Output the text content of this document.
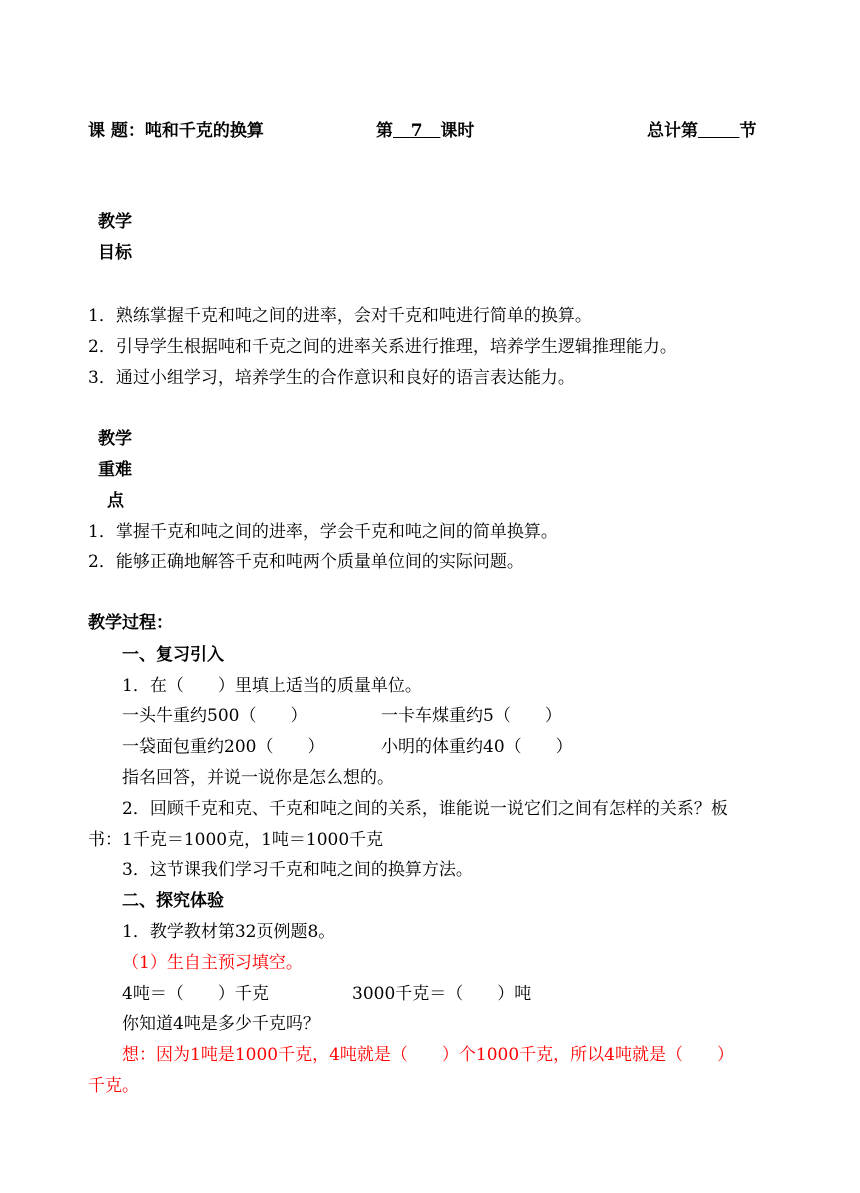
课 题：吨和千克的换算	第 7 课时	总计第 节
教学
目标
1．熟练掌握千克和吨之间的进率，会对千克和吨进行简单的换算。
2．引导学生根据吨和千克之间的进率关系进行推理，培养学生逻辑推理能力。
3．通过小组学习，培养学生的合作意识和良好的语言表达能力。
教学
重难
点
1．掌握千克和吨之间的进率，学会千克和吨之间的简单换算。
2．能够正确地解答千克和吨两个质量单位间的实际问题。
教学过程：
一、复习引入
1．在（　　）里填上适当的质量单位。
一头牛重约500（　　）	一卡车煤重约5（　　）
一袋面包重约200（　　）	小明的体重约40（　　）
指名回答，并说一说你是怎么想的。
2．回顾千克和克、千克和吨之间的关系，谁能说一说它们之间有怎样的关系？板
书：1千克＝1000克，1吨＝1000千克
3．这节课我们学习千克和吨之间的换算方法。
二、探究体验
1．教学教材第32页例题8。
（1）生自主预习填空。
4吨＝（　　）千克	3000千克＝（　　）吨
你知道4吨是多少千克吗？
想：因为1吨是1000千克，4吨就是（　　）个1000千克，所以4吨就是（　　）
千克。
